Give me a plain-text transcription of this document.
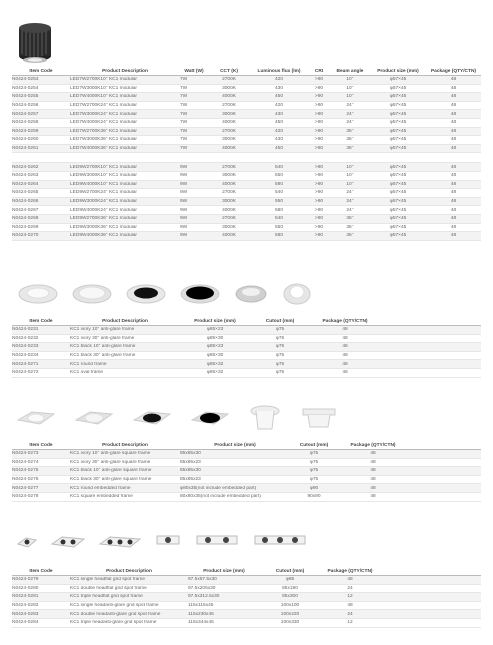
Item Code	Product Description	Watt (W)	CCT (K)	Luminous flux (lm)	CRI	Beam angle	Product size (mm)	Package (QTY/CTN)
N0424-0253	LED7W2700K10° KC1 modular	7W	2700K	420	>90	10°	φ57×45	48
N0424-0254	LED7W3000K10° KC1 modular	7W	3000K	430	>90	10°	φ57×45	48
N0424-0255	LED7W4000K10° KC1 modular	7W	4000K	450	>90	10°	φ57×45	48
N0424-0256	LED7W2700K24° KC1 modular	7W	2700K	420	>90	24°	φ57×45	48
N0424-0257	LED7W3000K24° KC1 modular	7W	3000K	430	>90	24°	φ57×45	48
N0424-0258	LED7W4000K24° KC1 modular	7W	4000K	450	>90	24°	φ57×45	48
N0424-0259	LED7W2700K36° KC1 modular	7W	2700K	420	>90	36°	φ57×45	48
N0424-0260	LED7W3000K36° KC1 modular	7W	3000K	430	>90	36°	φ57×45	48
N0424-0261	LED7W4000K36° KC1 modular	7W	4000K	450	>90	36°	φ57×45	48
N0424-0262	LED9W2700K10° KC1 modular	9W	2700K	540	>90	10°	φ57×45	48
N0424-0263	LED9W3000K10° KC1 modular	9W	3000K	550	>90	10°	φ57×45	48
N0424-0264	LED9W4000K10° KC1 modular	9W	4000K	580	>90	10°	φ57×45	48
N0424-0265	LED9W2700K24° KC1 modular	9W	2700K	540	>90	24°	φ57×45	48
N0424-0266	LED9W3000K24° KC1 modular	9W	3000K	550	>90	24°	φ57×45	48
N0424-0267	LED9W4000K24° KC1 modular	9W	4000K	580	>90	24°	φ57×45	48
N0424-0268	LED9W2700K36° KC1 modular	9W	2700K	540	>90	36°	φ57×45	48
N0424-0269	LED9W3000K36° KC1 modular	9W	3000K	550	>90	36°	φ57×45	48
N0424-0270	LED9W4000K36° KC1 modular	9W	4000K	580	>90	36°	φ57×45	48
Item Code	Product Description	Product size (mm)	Cutout (mm)	Package (QTY/CTN)
N0424-0231	KC1 ivory 10° anti-glare frame	φ85×23	φ75	48
N0424-0232	KC1 ivory 30° anti-glare frame	φ85×30	φ75	48
N0424-0233	KC1 black 10° anti-glare frame	φ85×23	φ75	48
N0424-0234	KC1 black 30° anti-glare frame	φ85×30	φ75	48
N0424-0271	KC1 round frame	φ85×32	φ75	48
N0424-0272	KC1 oval frame	φ85×32	φ75	48
Item Code	Product Description	Product size (mm)	Cutout (mm)	Package (QTY/CTN)
N0424-0273	KC1 ivory 10° anti-glare square frame	85x85x30	φ75	48
N0424-0274	KC1 ivory 30° anti-glare square frame	85x85x23	φ75	48
N0424-0275	KC1 black 10° anti-glare square frame	85x85x30	φ75	48
N0424-0276	KC1 black 30° anti-glare square frame	85x85x23	φ75	48
N0424-0277	KC1 round embedded frame	φ80x35(not include embedded part)	φ90	48
N0424-0278	KC1 square embedded frame	80x80x35(not include embedded part)	90x90	48
Item Code	Product Description	Product size (mm)	Cutout (mm)	Package (QTY/CTN)
N0424-0279	KC1 single headflat grid spot frame	97.5x97.5x30	φ85	48
N0424-0280	KC1 double headflat grid spot frame	97.5x205x30	85x190	24
N0424-0281	KC1 triple headflat grid spot frame	97.5x312.5x30	85x300	12
N0424-0282	KC1 single headanti-glare grid spot frame	115x115x45	100x100	48
N0424-0283	KC1 double headanti-glare grid spot frame	115x230x45	100x220	24
N0424-0284	KC1 triple headanti-glare grid spot frame	115x344x45	100x330	12
